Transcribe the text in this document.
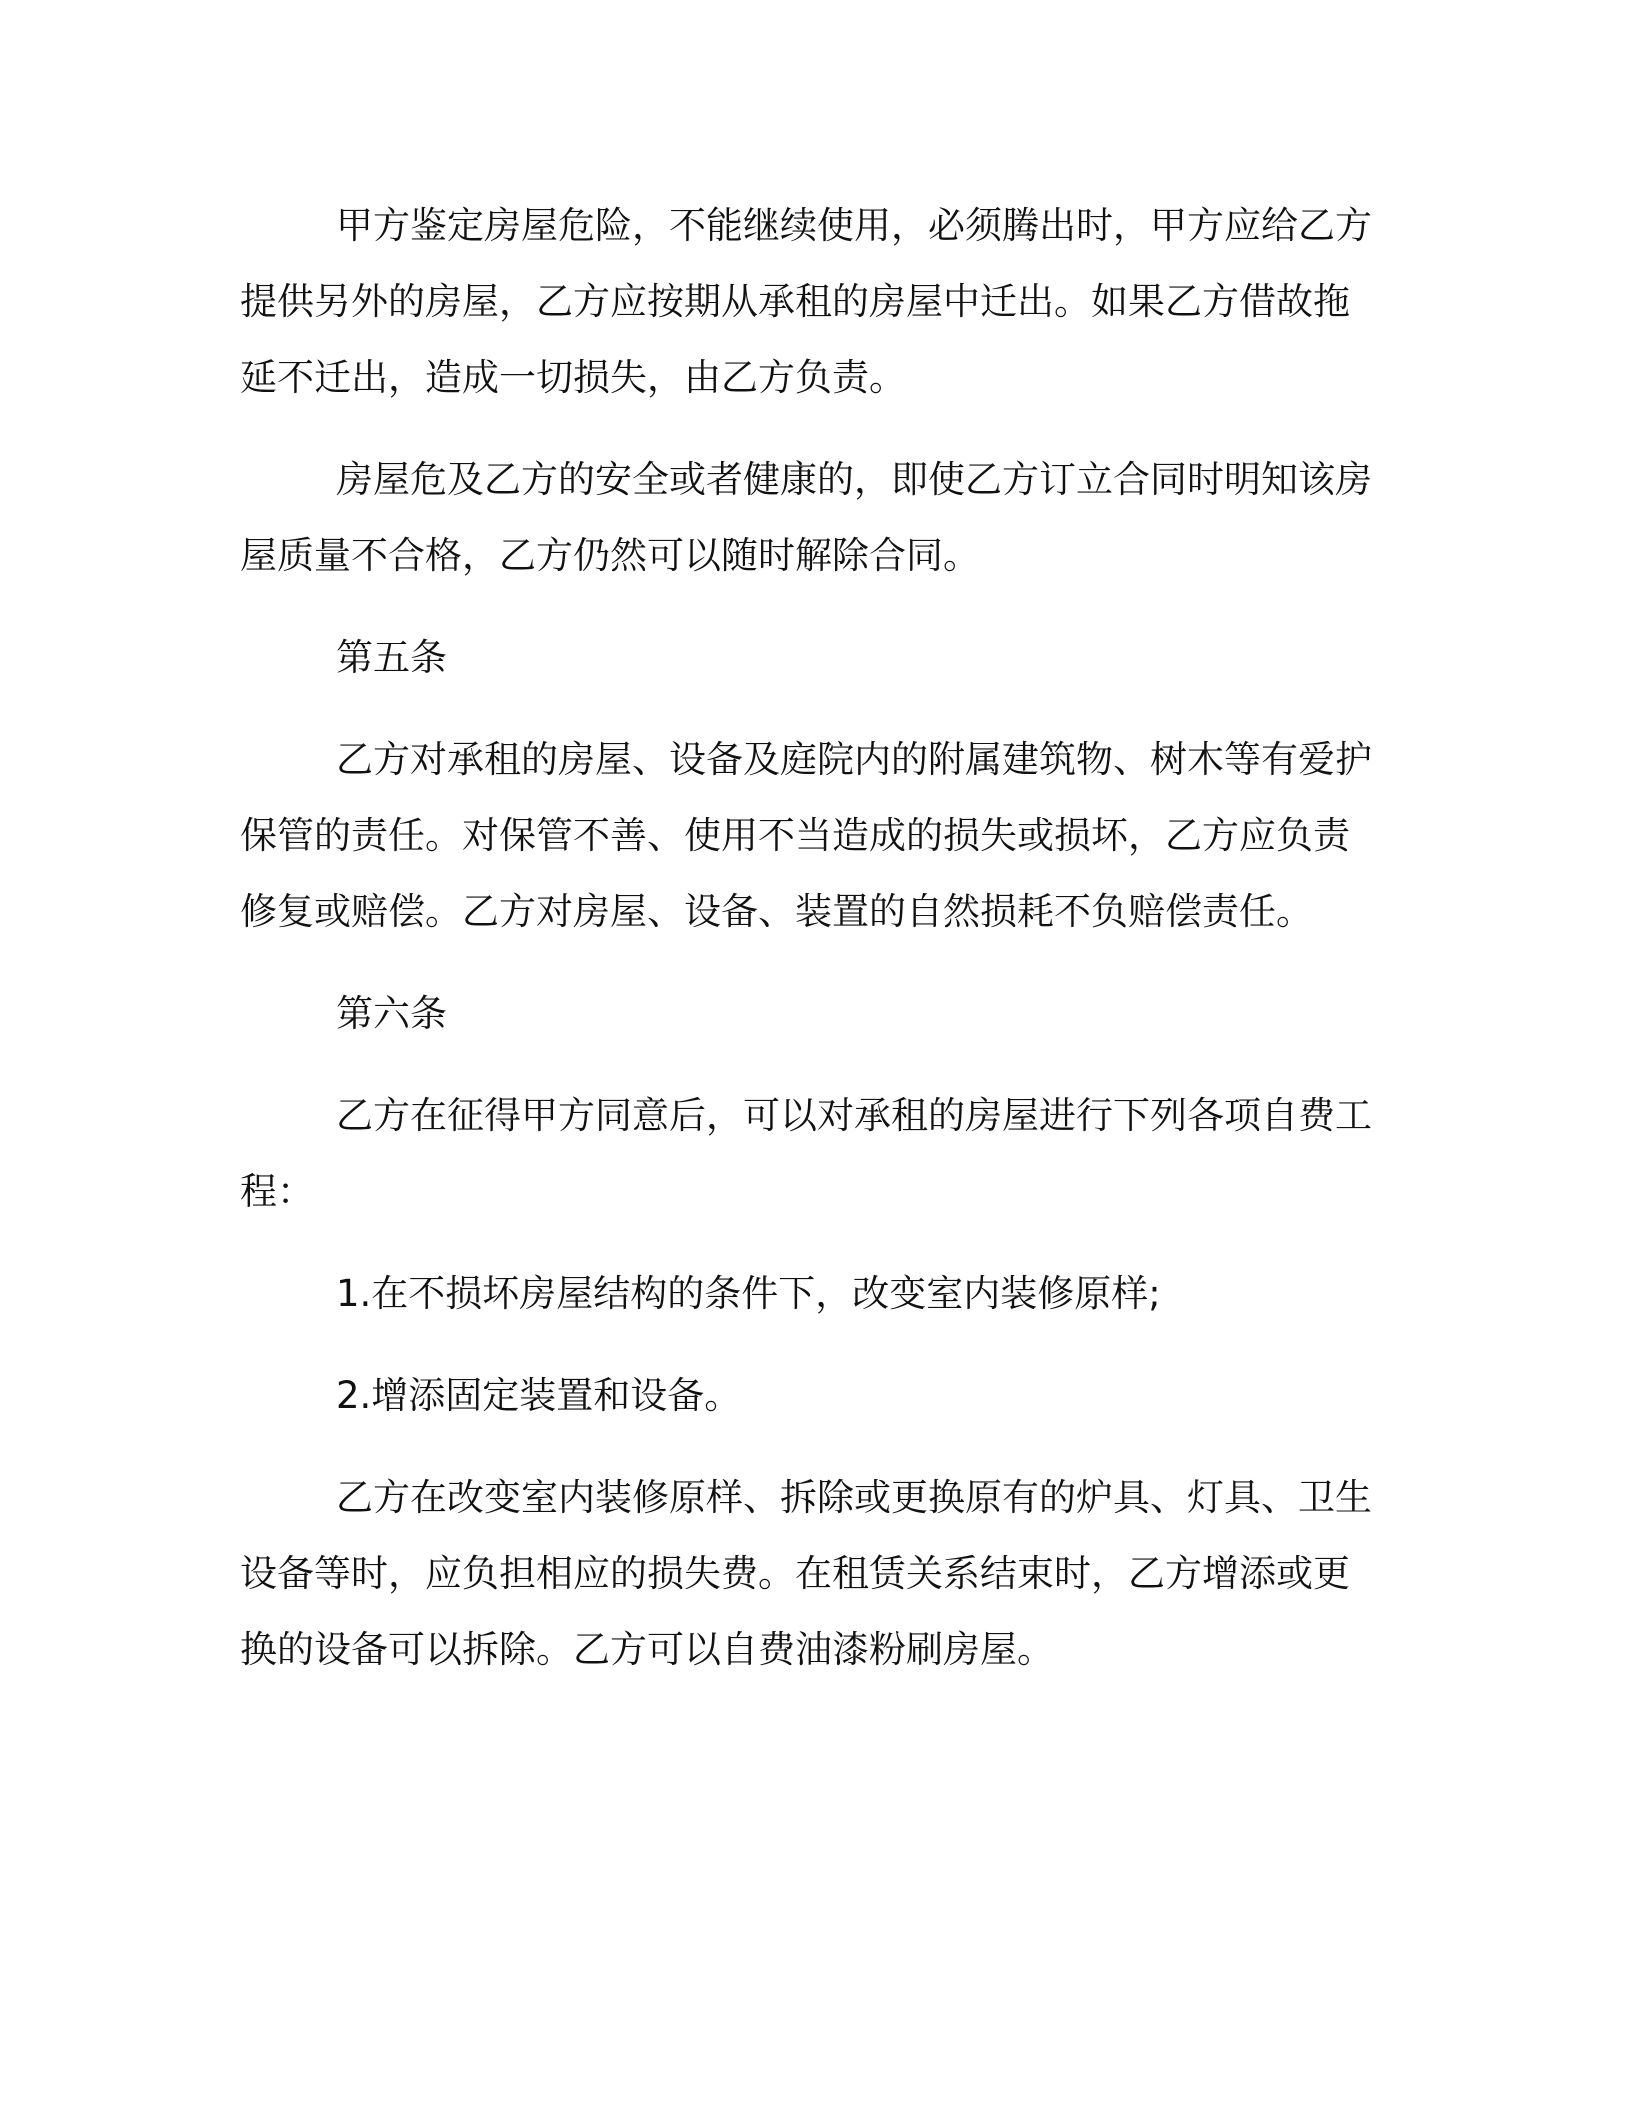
甲方鉴定房屋危险，不能继续使用，必须腾出时，甲方应给乙方提供另外的房屋，乙方应按期从承租的房屋中迁出。如果乙方借故拖延不迁出，造成一切损失，由乙方负责。

房屋危及乙方的安全或者健康的，即使乙方订立合同时明知该房屋质量不合格，乙方仍然可以随时解除合同。

第五条

乙方对承租的房屋、设备及庭院内的附属建筑物、树木等有爱护保管的责任。对保管不善、使用不当造成的损失或损坏，乙方应负责修复或赔偿。乙方对房屋、设备、装置的自然损耗不负赔偿责任。

第六条

乙方在征得甲方同意后，可以对承租的房屋进行下列各项自费工程：

1.在不损坏房屋结构的条件下，改变室内装修原样;

2.增添固定装置和设备。

乙方在改变室内装修原样、拆除或更换原有的炉具、灯具、卫生设备等时，应负担相应的损失费。在租赁关系结束时，乙方增添或更换的设备可以拆除。乙方可以自费油漆粉刷房屋。
